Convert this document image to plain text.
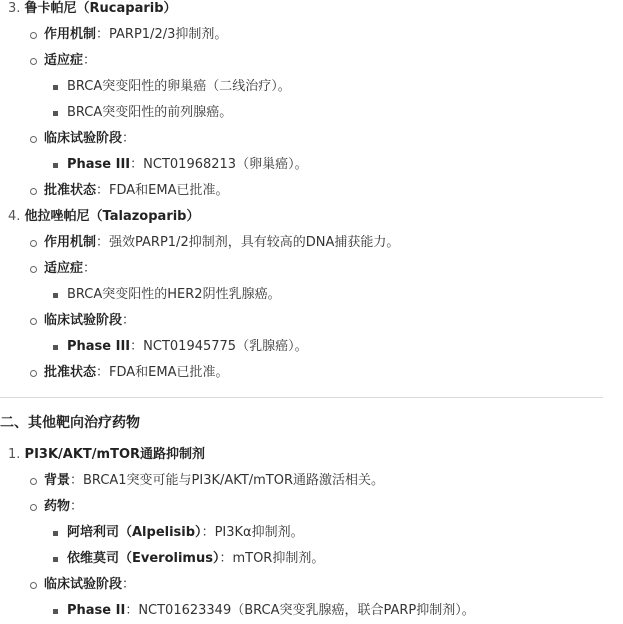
3. 鲁卡帕尼（Rucaparib）
作用机制：PARP1/2/3抑制剂。
适应症：
BRCA突变阳性的卵巢癌（二线治疗）。
BRCA突变阳性的前列腺癌。
临床试验阶段：
Phase III：NCT01968213（卵巢癌）。
批准状态：FDA和EMA已批准。
4. 他拉唑帕尼（Talazoparib）
作用机制：强效PARP1/2抑制剂，具有较高的DNA捕获能力。
适应症：
BRCA突变阳性的HER2阴性乳腺癌。
临床试验阶段：
Phase III：NCT01945775（乳腺癌）。
批准状态：FDA和EMA已批准。
二、其他靶向治疗药物
1. PI3K/AKT/mTOR通路抑制剂
背景：BRCA1突变可能与PI3K/AKT/mTOR通路激活相关。
药物：
阿培利司（Alpelisib）：PI3Kα抑制剂。
依维莫司（Everolimus）：mTOR抑制剂。
临床试验阶段：
Phase II：NCT01623349（BRCA突变乳腺癌，联合PARP抑制剂）。
